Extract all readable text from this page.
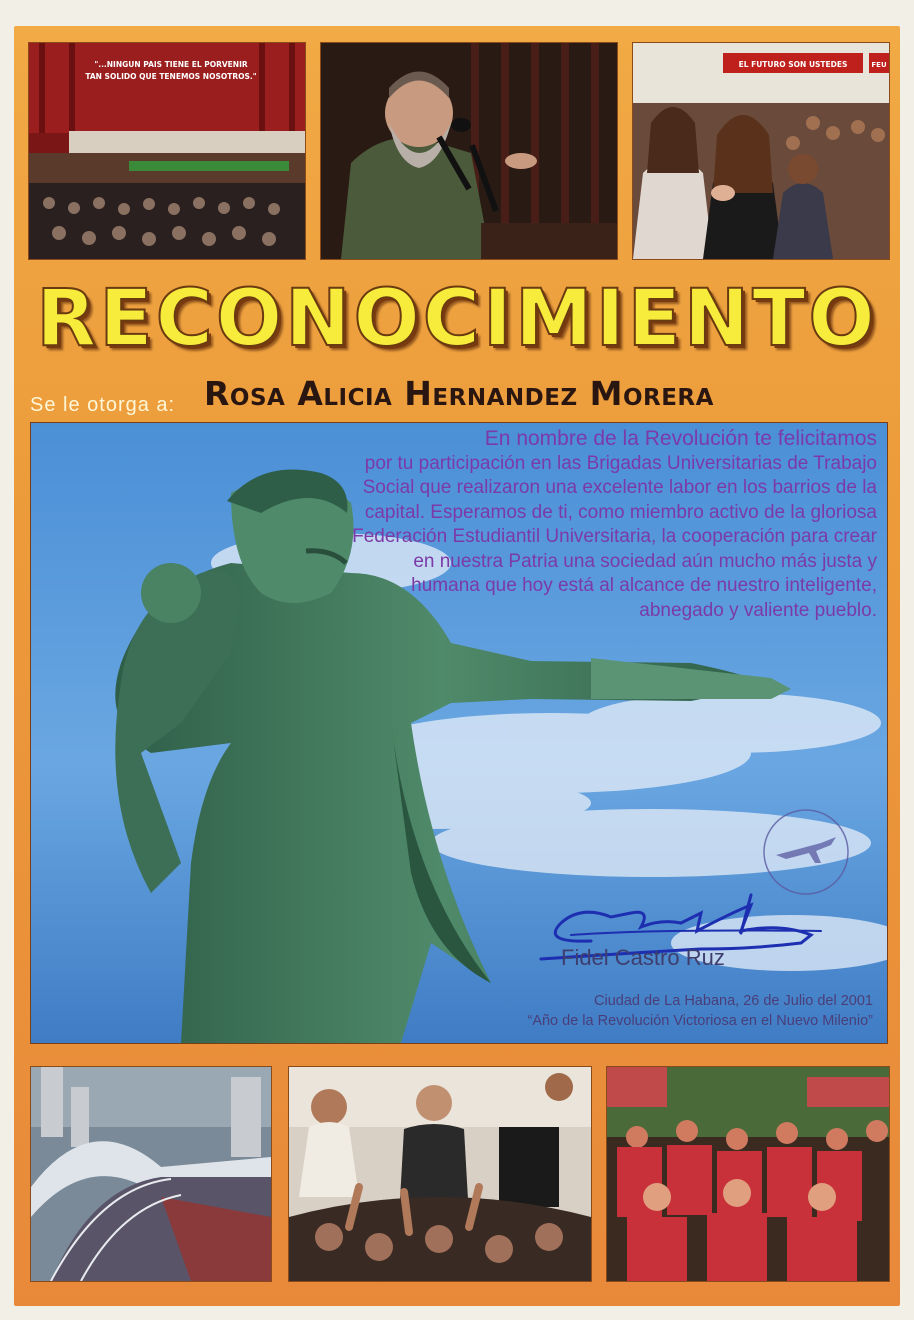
"...NINGUN PAIS TIENE EL PORVENIR
TAN SOLIDO QUE TENEMOS NOSOTROS."
EL FUTURO SON USTEDES	FEU
RECONOCIMIENTO
Se le otorga a: Rosa Alicia Hernandez Morera
En nombre de la Revolución te felicitamos
por tu participación en las Brigadas Universitarias de Trabajo Social que realizaron una excelente labor en los barrios de la capital. Esperamos de ti, como miembro activo de la gloriosa Federación Estudiantil Universitaria, la cooperación para crear en nuestra Patria una sociedad aún mucho más justa y humana que hoy está al alcance de nuestro inteligente, abnegado y valiente pueblo.
Fidel Castro Ruz
Ciudad de La Habana, 26 de Julio del 2001
“Año de la Revolución Victoriosa en el Nuevo Milenio”
